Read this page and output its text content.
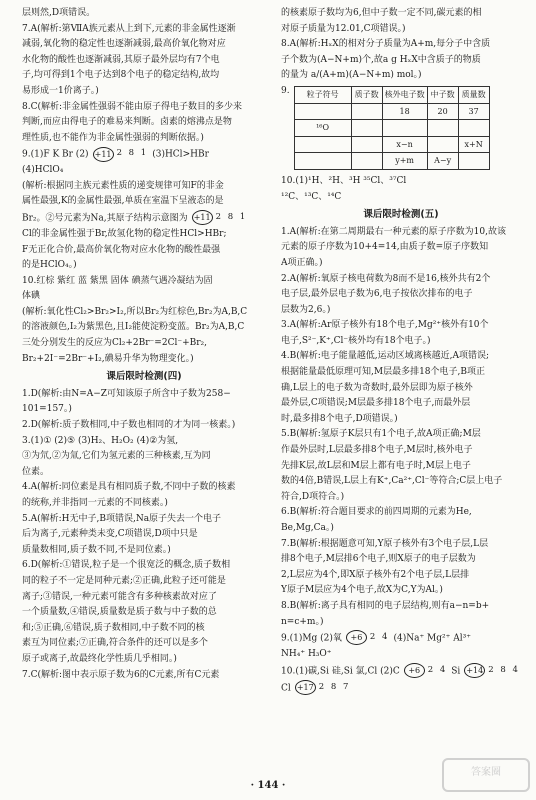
层则然,D项错误。
7.A(解析:第ⅦA族元素从上到下,元素的非金属性逐渐
减弱,氧化物的稳定性也逐渐减弱,最高价氧化物对应
水化物的酸性也逐渐减弱,其原子最外层均有7个电
子,均可得到1个电子达到8个电子的稳定结构,故均
易形成一1价离子。)
8.C(解析:非金属性强弱不能由原子得电子数目的多少来
判断,而应由得电子的难易来判断。卤素的熔沸点是物
理性质,也不能作为非金属性强弱的判断依据。)
9.(1)F K Br (2) +11 2 8 1 (3)HCl>HBr
(4)HClO₄
(解析:根据同主族元素性质的递变规律可知F的非金
属性最强,K的金属性最强,单质在室温下呈液态的是
Br₂。②号元素为Na,其原子结构示意图为 +11 2 8 1
Cl的非金属性强于Br,故氢化物的稳定性HCl>HBr;
F无正化合价,最高价氧化物对应水化物的酸性最强
的是HClO₄。)
10.红棕 紫红 蓝 紫黑 固体 碘蒸气遇冷凝结为固
体碘
(解析:氧化性Cl₂>Br₂>I₂,所以Br₂为红棕色,Br₂为A,B,C
的溶液颜色,I₂为紫黑色,且I₂能使淀粉变蓝。Br₂为A,B,C
三处分别发生的反应为Cl₂+2Br⁻=2Cl⁻+Br₂,
Br₂+2I⁻=2Br⁻+I₂,碘易升华为物理变化。)
课后限时检测(四)
1.D(解析:由N=A−Z可知该原子所含中子数为258−
101=157。)
2.D(解析:质子数相同,中子数也相同的才为同一核素。)
3.(1)① (2)⑤ (3)H₂、H₂O₂ (4)②为氢,
③为氘,②为氚,它们为氢元素的三种核素,互为同
位素。
4.A(解析:同位素是具有相同质子数,不同中子数的核素
的统称,并非指同一元素的不同核素。)
5.A(解析:H无中子,B项错误,Na原子失去一个电子
后为离子,元素种类未变,C项错误,D项中只是
质量数相同,质子数不同,不是同位素。)
6.D(解析:①错误,粒子是一个很宽泛的概念,质子数相
同的粒子不一定是同种元素;②正确,此粒子还可能是
离子;③错误,一种元素可能含有多种核素故对应了
一个质量数,④错误,质量数是质子数与中子数的总
和;⑤正确,⑥错误,质子数相同,中子数不同的核
素互为同位素;⑦正确,符合条件的还可以是多个
原子或离子,故最终化学性质几乎相同。)
7.C(解析:图中表示原子数为6的C元素,所有C元素
的核素原子数均为6,但中子数一定不同,碳元素的相
对原子质量为12.01,C项错误。)
8.A(解析:HₓX的相对分子质量为A+m,每分子中含质
子个数为(A−N+m)个,故a g HₓX中含质子的物质
的量为 a/(A+m)(A−N+m) mol。)
9. 粒子符号	质子数	核外电子数	中子数	质量数
		18	20	37
¹⁶O				
		x−n		x+N
		y+m	A−y	
10.(1)¹H、²H、³H ³⁵Cl、³⁷Cl
¹²C、¹³C、¹⁴C
课后限时检测(五)
1.A(解析:在第二周期最右一种元素的原子序数为10,故该
元素的原子序数为10+4=14,由质子数=原子序数知
A项正确。)
2.A(解析:氧原子核电荷数为8而不是16,核外共有2个
电子层,最外层电子数为6,电子按依次排布的电子
层数为2,6。)
3.A(解析:Ar原子核外有18个电子,Mg²⁺核外有10个
电子,S²⁻,K⁺,Cl⁻核外均有18个电子。)
4.B(解析:电子能量越低,运动区域离核越近,A项错误;
根据能量最低原理可知,M层最多排18个电子,B项正
确,L层上的电子数为奇数时,最外层即为原子核外
最外层,C项错误;M层最多排18个电子,而最外层
时,最多排8个电子,D项错误。)
5.B(解析:氢原子K层只有1个电子,故A项正确;M层
作最外层时,L层最多排8个电子,M层时,核外电子
先排K层,故L层和M层上都有电子时,M层上电子
数的4倍,B错误,L层上有K⁺,Ca²⁺,Cl⁻等符合;C层上电子
符合,D项符合。)
6.B(解析:符合题目要求的前四周期的元素为He,
Be,Mg,Ca。)
7.B(解析:根据题意可知,Y原子核外有3个电子层,L层
排8个电子,M层排6个电子,则X原子的电子层数为
2,L层应为4个,即X原子核外有2个电子层,L层排
Y原子M层应为4个电子,故X为C,Y为Al。)
8.B(解析:离子具有相同的电子层结构,则有a−n=b+
n=c+m。)
9.(1)Mg (2)氧	+6 2 4 (4)Na⁺ Mg²⁺ Al³⁺
NH₄⁺ H₃O⁺
10.(1)碳,Si 硅,Si 氯,Cl (2)C	+6 2 4 Si +14 2 8 4
Cl +17 2 8 7
· 144 ·
答案圈
